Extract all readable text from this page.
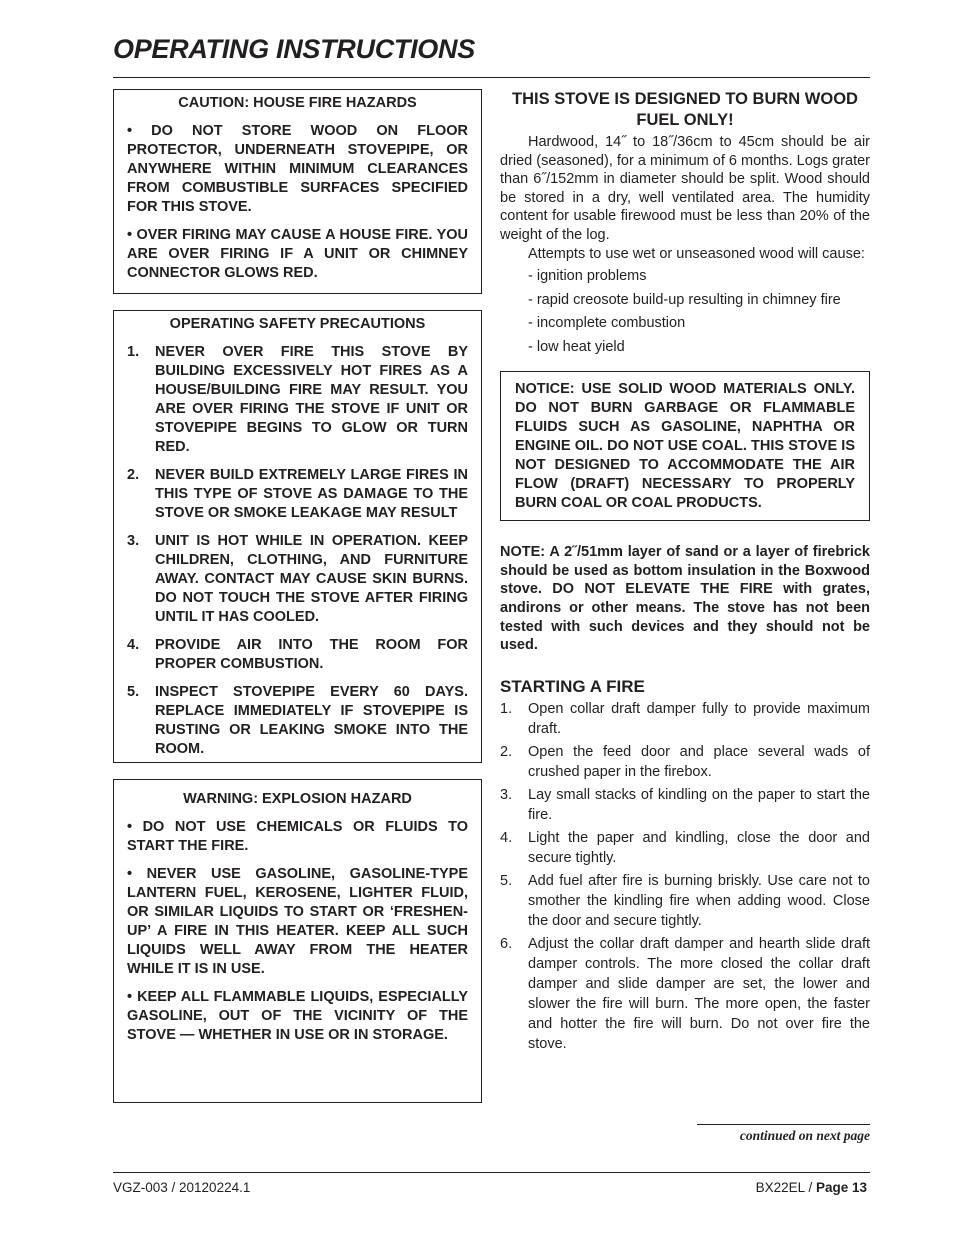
OPERATING INSTRUCTIONS
CAUTION: HOUSE FIRE HAZARDS

• DO NOT STORE WOOD ON FLOOR PROTECTOR, UNDERNEATH STOVEPIPE, OR ANYWHERE WITHIN MINIMUM CLEARANCES FROM COMBUSTIBLE SURFACES SPECIFIED FOR THIS STOVE.

• OVER FIRING MAY CAUSE A HOUSE FIRE. YOU ARE OVER FIRING IF A UNIT OR CHIMNEY CONNECTOR GLOWS RED.

OPERATING SAFETY PRECAUTIONS
1.	NEVER OVER FIRE THIS STOVE BY BUILDING EXCESSIVELY HOT FIRES AS A HOUSE/BUILDING FIRE MAY RESULT. YOU ARE OVER FIRING THE STOVE IF UNIT OR STOVEPIPE BEGINS TO GLOW OR TURN RED.
2.	NEVER BUILD EXTREMELY LARGE FIRES IN THIS TYPE OF STOVE AS DAMAGE TO THE STOVE OR SMOKE LEAKAGE MAY RESULT
3.	UNIT IS HOT WHILE IN OPERATION. KEEP CHILDREN, CLOTHING, AND FURNITURE AWAY. CONTACT MAY CAUSE SKIN BURNS. DO NOT TOUCH THE STOVE AFTER FIRING UNTIL IT HAS COOLED.
4.	PROVIDE AIR INTO THE ROOM FOR PROPER COMBUSTION.
5.	INSPECT STOVEPIPE EVERY 60 DAYS. REPLACE IMMEDIATELY IF STOVEPIPE IS RUSTING OR LEAKING SMOKE INTO THE ROOM.
WARNING: EXPLOSION HAZARD

• DO NOT USE CHEMICALS OR FLUIDS TO START THE FIRE.

• NEVER USE GASOLINE, GASOLINE-TYPE LANTERN FUEL, KEROSENE, LIGHTER FLUID, OR SIMILAR LIQUIDS TO START OR ‘FRESHEN-UP’ A FIRE IN THIS HEATER. KEEP ALL SUCH LIQUIDS WELL AWAY FROM THE HEATER WHILE IT IS IN USE.

• KEEP ALL FLAMMABLE LIQUIDS, ESPECIALLY GASOLINE, OUT OF THE VICINITY OF THE STOVE — WHETHER IN USE OR IN STORAGE.

THIS STOVE IS DESIGNED TO BURN WOOD FUEL ONLY!

Hardwood, 14˝ to 18˝/36cm to 45cm should be air dried (seasoned), for a minimum of 6 months. Logs grater than 6˝/152mm in diameter should be split. Wood should be stored in a dry, well ventilated area. The humidity content for usable firewood must be less than 20% of the weight of the log.

Attempts to use wet or unseasoned wood will cause:

- ignition problems
- rapid creosote build-up resulting in chimney fire
- incomplete combustion
- low heat yield
NOTICE: USE SOLID WOOD MATERIALS ONLY. DO NOT BURN GARBAGE OR FLAMMABLE FLUIDS SUCH AS GASOLINE, NAPHTHA OR ENGINE OIL. DO NOT USE COAL. THIS STOVE IS NOT DESIGNED TO ACCOMMODATE THE AIR FLOW (DRAFT) NECESSARY TO PROPERLY BURN COAL OR COAL PRODUCTS.

NOTE: A 2˝/51mm layer of sand or a layer of firebrick should be used as bottom insulation in the Boxwood stove. DO NOT ELEVATE THE FIRE with grates, andirons or other means. The stove has not been tested with such devices and they should not be used.

STARTING A FIRE
1.	Open collar draft damper fully to provide maximum draft.
2.	Open the feed door and place several wads of crushed paper in the firebox.
3.	Lay small stacks of kindling on the paper to start the fire.
4.	Light the paper and kindling, close the door and secure tightly.
5.	Add fuel after fire is burning briskly. Use care not to smother the kindling fire when adding wood. Close the door and secure tightly.
6.	Adjust the collar draft damper and hearth slide draft damper controls. The more closed the collar draft damper and slide damper are set, the lower and slower the fire will burn. The more open, the faster and hotter the fire will burn. Do not over fire the stove.
continued on next page
VGZ-003 / 20120224.1	BX22EL / Page 13
